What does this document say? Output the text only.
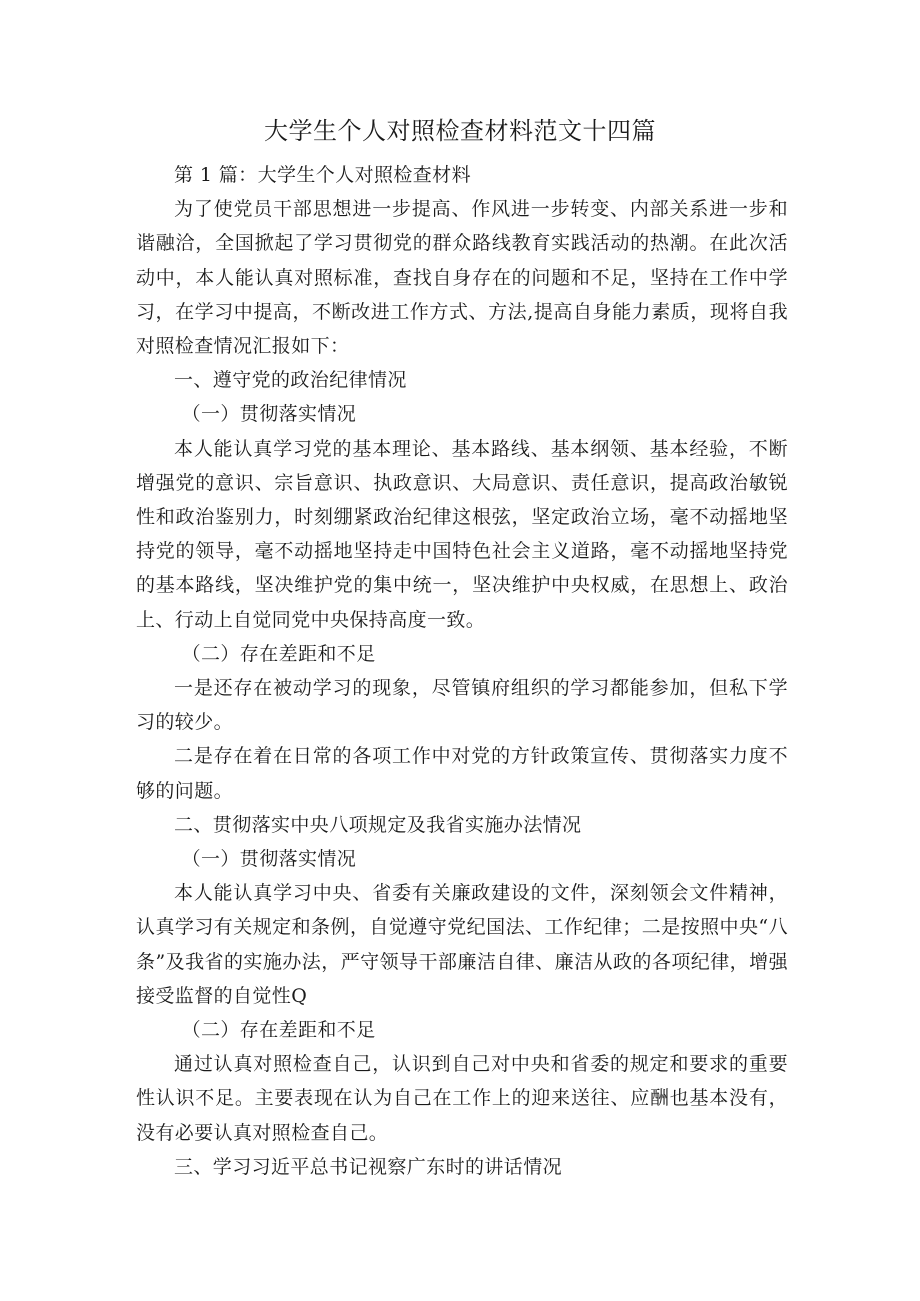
大学生个人对照检查材料范文十四篇

第 1 篇：大学生个人对照检查材料

为了使党员干部思想进一步提高、作风进一步转变、内部关系进一步和谐融洽，全国掀起了学习贯彻党的群众路线教育实践活动的热潮。在此次活动中，本人能认真对照标准，查找自身存在的问题和不足，坚持在工作中学习，在学习中提高，不断改进工作方式、方法,提高自身能力素质，现将自我对照检查情况汇报如下：

一、遵守党的政治纪律情况

（一）贯彻落实情况

本人能认真学习党的基本理论、基本路线、基本纲领、基本经验，不断增强党的意识、宗旨意识、执政意识、大局意识、责任意识，提高政治敏锐性和政治鉴别力，时刻绷紧政治纪律这根弦，坚定政治立场，毫不动摇地坚持党的领导，毫不动摇地坚持走中国特色社会主义道路，毫不动摇地坚持党的基本路线，坚决维护党的集中统一，坚决维护中央权威，在思想上、政治上、行动上自觉同党中央保持高度一致。

（二）存在差距和不足

一是还存在被动学习的现象，尽管镇府组织的学习都能参加，但私下学习的较少。

二是存在着在日常的各项工作中对党的方针政策宣传、贯彻落实力度不够的问题。

二、贯彻落实中央八项规定及我省实施办法情况

（一）贯彻落实情况

本人能认真学习中央、省委有关廉政建设的文件，深刻领会文件精神，认真学习有关规定和条例，自觉遵守党纪国法、工作纪律；二是按照中央“八条”及我省的实施办法，严守领导干部廉洁自律、廉洁从政的各项纪律，增强接受监督的自觉性Q

（二）存在差距和不足

通过认真对照检查自己，认识到自己对中央和省委的规定和要求的重要性认识不足。主要表现在认为自己在工作上的迎来送往、应酬也基本没有，没有必要认真对照检查自己。

三、学习习近平总书记视察广东时的讲话情况
